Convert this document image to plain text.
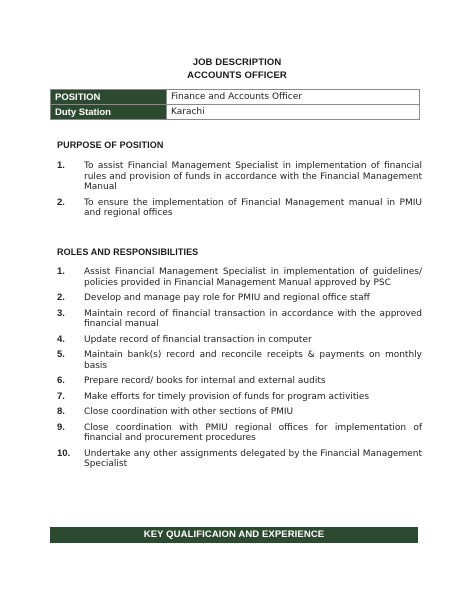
JOB DESCRIPTION
ACCOUNTS OFFICER
POSITION	Finance and Accounts Officer
Duty Station	Karachi
PURPOSE OF POSITION
1.	To assist Financial Management Specialist in implementation of financial rules and provision of funds in accordance with the Financial Management Manual
2.	To ensure the implementation of Financial Management manual in PMIU and regional offices
ROLES AND RESPONSIBILITIES
1.	Assist Financial Management Specialist in implementation of guidelines/ policies provided in Financial Management Manual approved by PSC
2.	Develop and manage pay role for PMIU and regional office staff
3.	Maintain record of financial transaction in accordance with the approved financial manual
4.	Update record of financial transaction in computer
5.	Maintain bank(s) record and reconcile receipts & payments on monthly basis
6.	Prepare record/ books for internal and external audits
7.	Make efforts for timely provision of funds for program activities
8.	Close coordination with other sections of PMIU
9.	Close coordination with PMIU regional offices for implementation of financial and procurement procedures
10.	Undertake any other assignments delegated by the Financial Management Specialist
KEY QUALIFICAION AND EXPERIENCE
